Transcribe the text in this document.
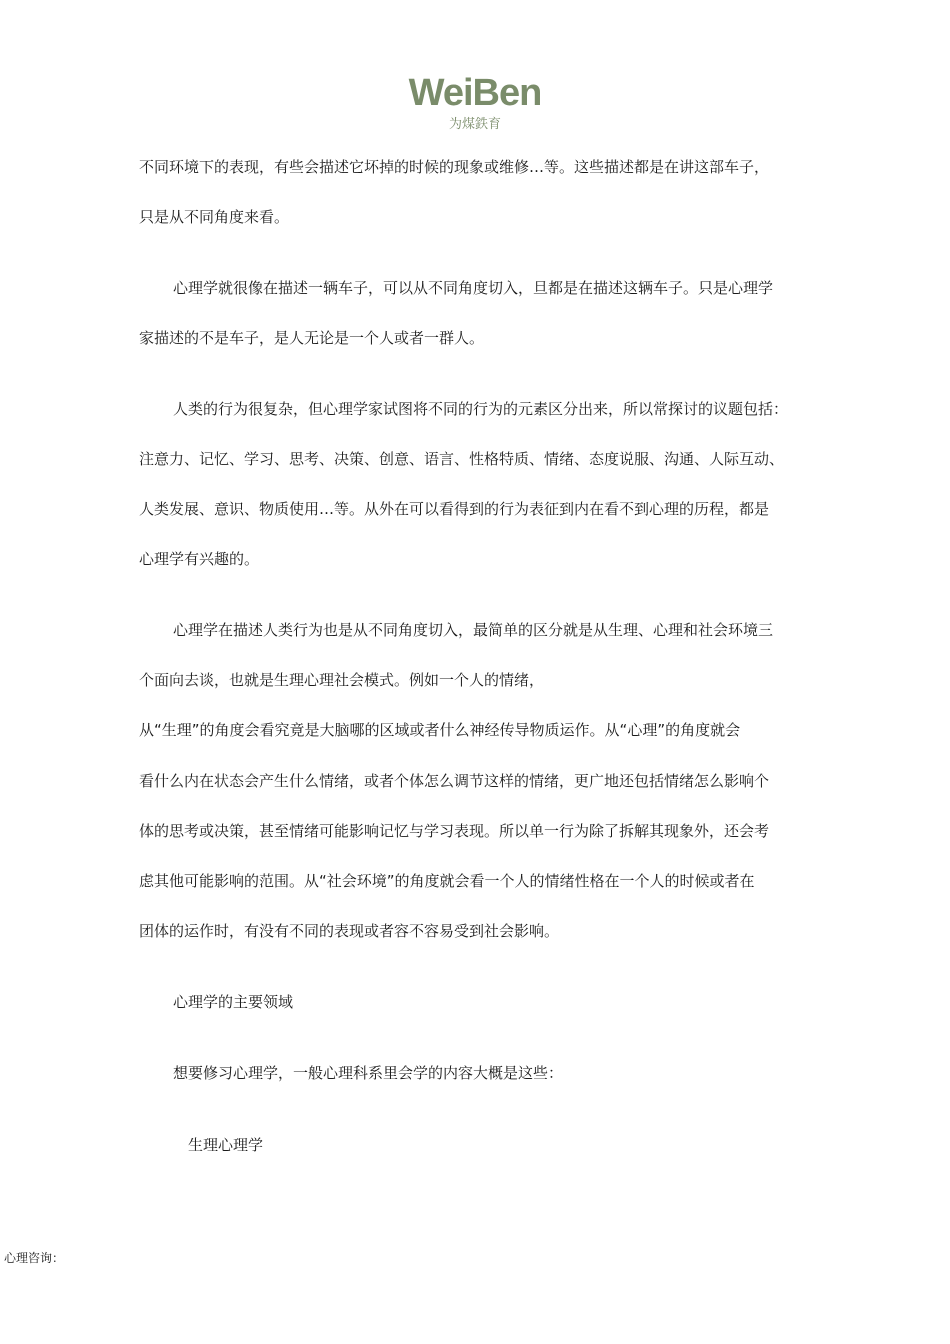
WeiBen
为煤鉄育
不同环境下的表现，有些会描述它坏掉的时候的现象或维修…等。这些描述都是在讲这部车子，
只是从不同角度来看。
心理学就很像在描述一辆车子，可以从不同角度切入，旦都是在描述这辆车子。只是心理学
家描述的不是车子，是人无论是一个人或者一群人。
人类的行为很复杂，但心理学家试图将不同的行为的元素区分出来，所以常探讨的议题包括：
注意力、记忆、学习、思考、决策、创意、语言、性格特质、情绪、态度说服、沟通、人际互动、
人类发展、意识、物质使用…等。从外在可以看得到的行为表征到内在看不到心理的历程，都是
心理学有兴趣的。
心理学在描述人类行为也是从不同角度切入，最简单的区分就是从生理、心理和社会环境三
个面向去谈，也就是生理心理社会模式。例如一个人的情绪，
从“生理”的角度会看究竟是大脑哪的区域或者什么神经传导物质运作。从“心理”的角度就会
看什么内在状态会产生什么情绪，或者个体怎么调节这样的情绪，更广地还包括情绪怎么影响个
体的思考或决策，甚至情绪可能影响记忆与学习表现。所以单一行为除了拆解其现象外，还会考
虑其他可能影响的范围。从“社会环境”的角度就会看一个人的情绪性格在一个人的时候或者在
团体的运作时，有没有不同的表现或者容不容易受到社会影响。
心理学的主要领域
想要修习心理学，一般心理科系里会学的内容大概是这些：
生理心理学
心理咨询：
